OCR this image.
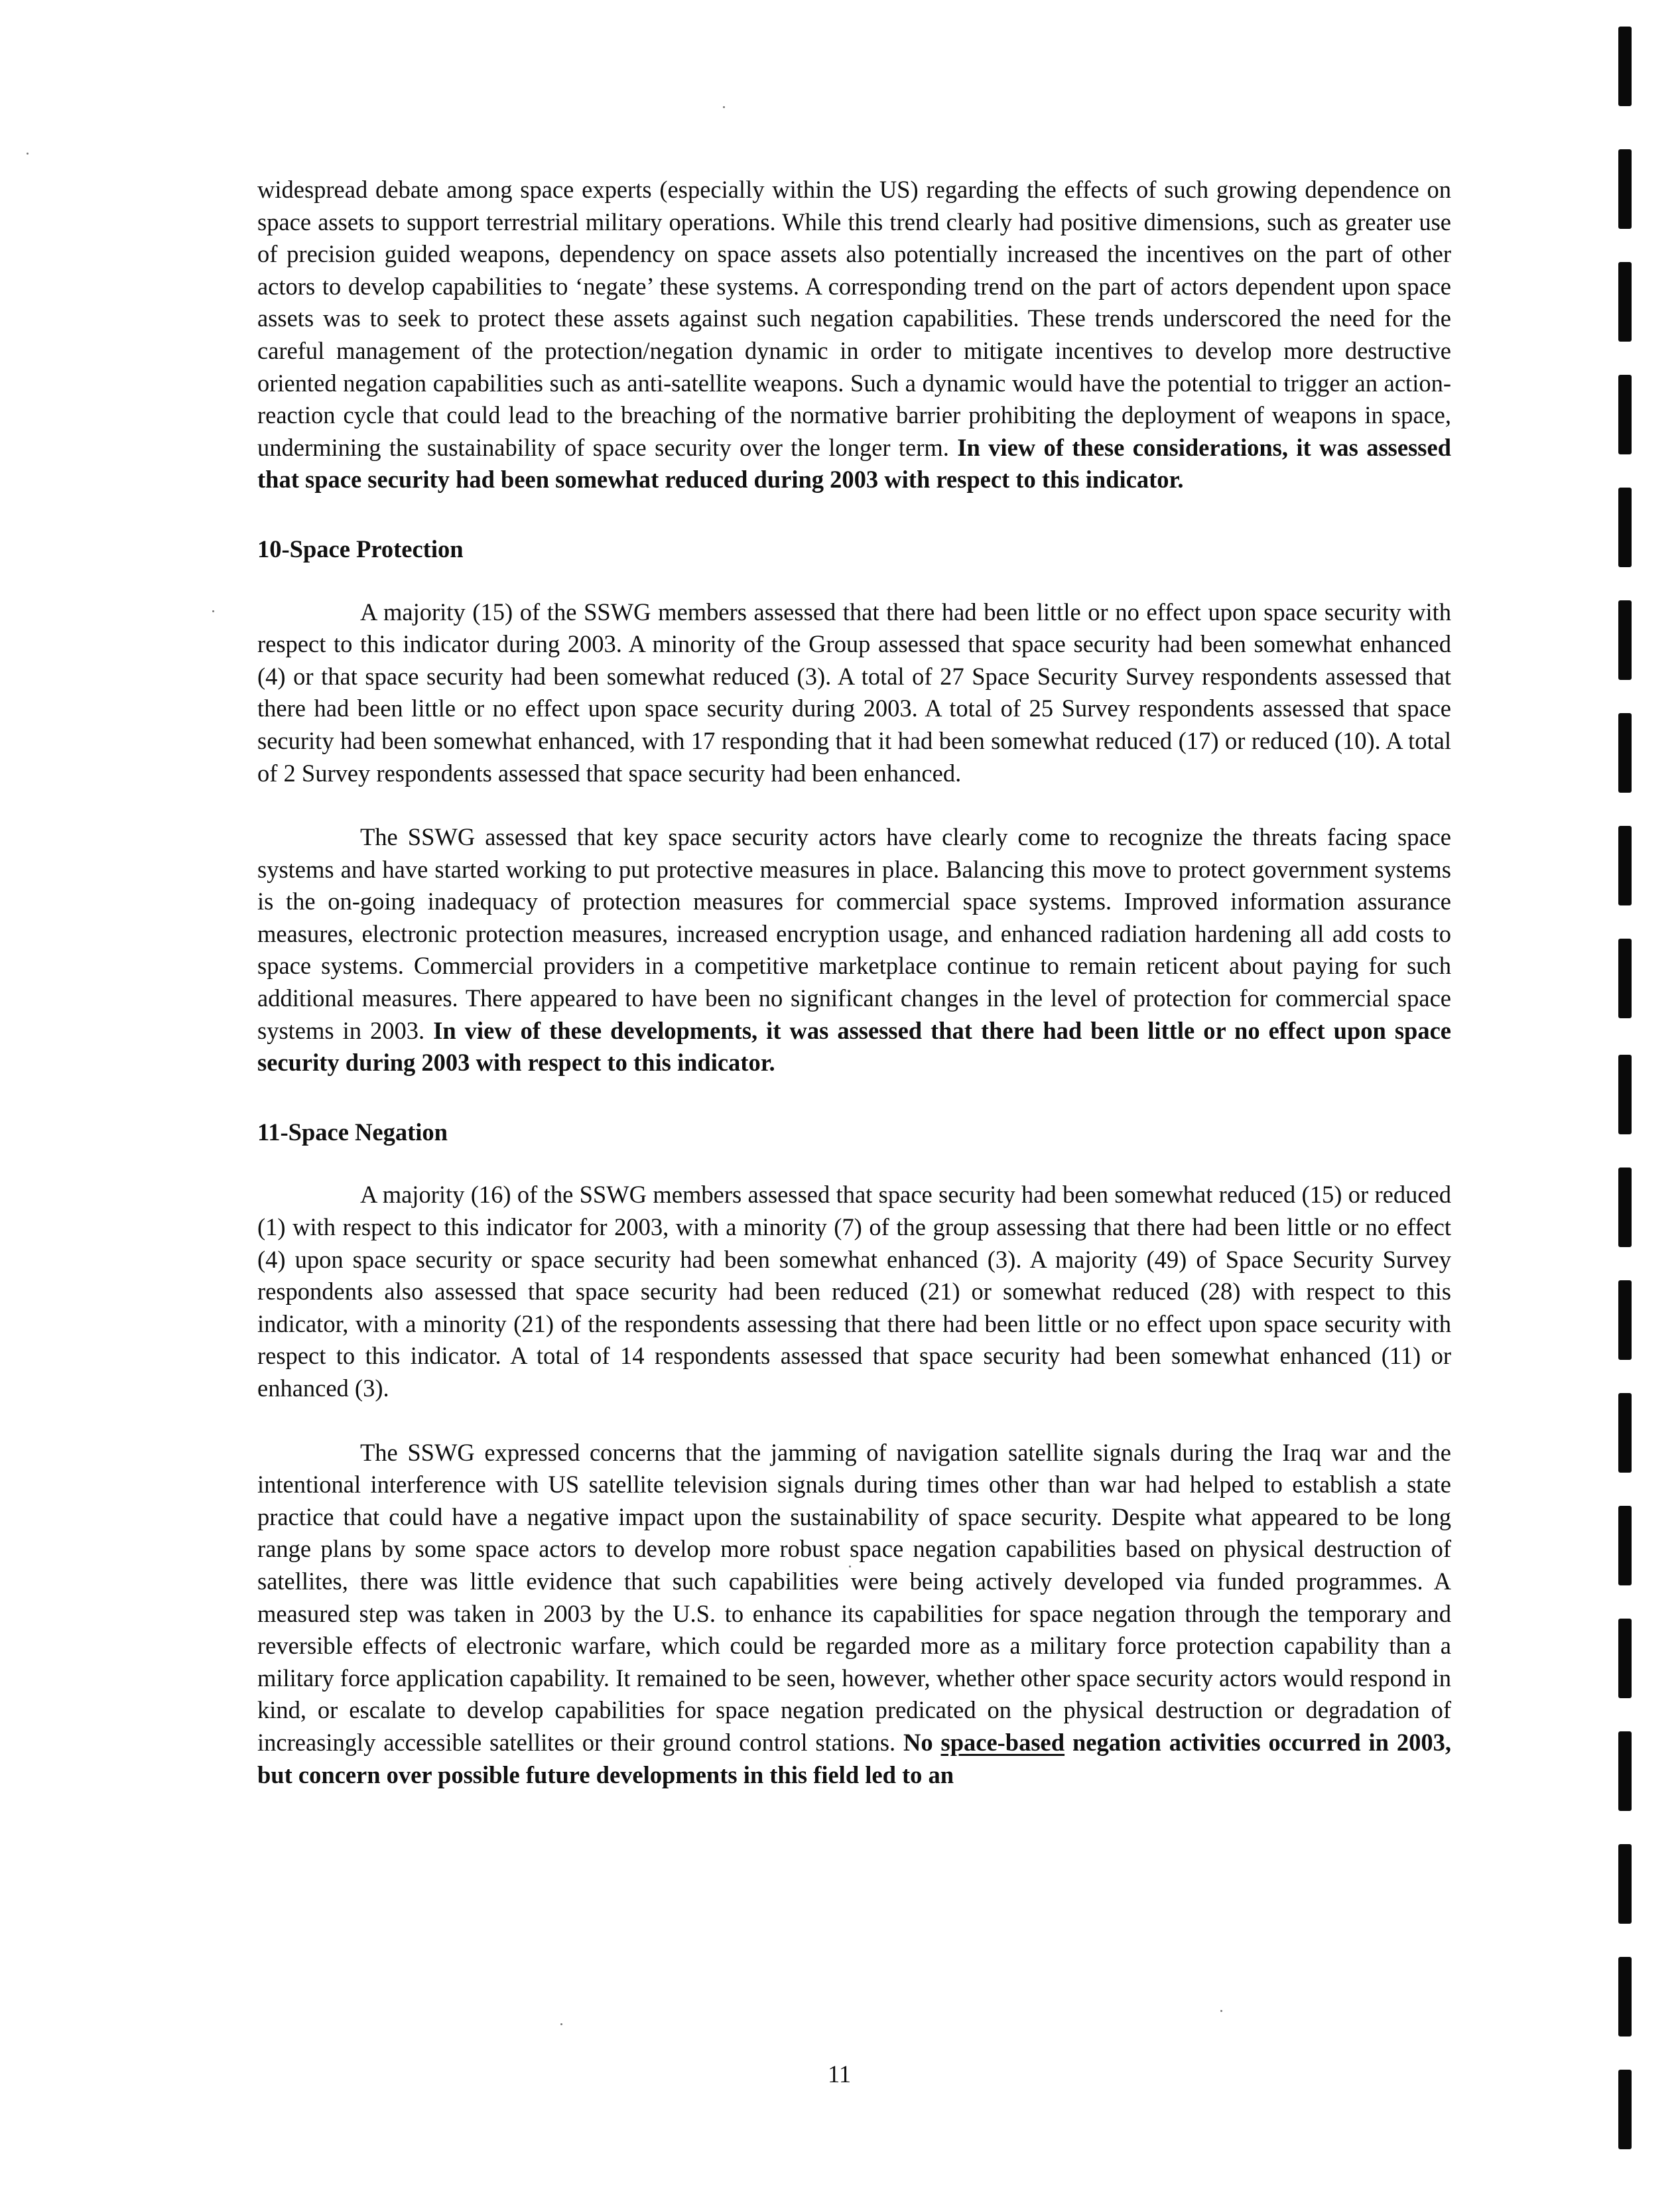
widespread debate among space experts (especially within the US) regarding the effects of such growing dependence on space assets to support terrestrial military operations. While this trend clearly had positive dimensions, such as greater use of precision guided weapons, dependency on space assets also potentially increased the incentives on the part of other actors to develop capabilities to ‘negate’ these systems. A corresponding trend on the part of actors dependent upon space assets was to seek to protect these assets against such negation capabilities. These trends underscored the need for the careful management of the protection/negation dynamic in order to mitigate incentives to develop more destructive oriented negation capabilities such as anti-satellite weapons. Such a dynamic would have the potential to trigger an action-reaction cycle that could lead to the breaching of the normative barrier prohibiting the deployment of weapons in space, undermining the sustainability of space security over the longer term. In view of these considerations, it was assessed that space security had been somewhat reduced during 2003 with respect to this indicator.

10-Space Protection

A majority (15) of the SSWG members assessed that there had been little or no effect upon space security with respect to this indicator during 2003. A minority of the Group assessed that space security had been somewhat enhanced (4) or that space security had been somewhat reduced (3). A total of 27 Space Security Survey respondents assessed that there had been little or no effect upon space security during 2003. A total of 25 Survey respondents assessed that space security had been somewhat enhanced, with 17 responding that it had been somewhat reduced (17) or reduced (10). A total of 2 Survey respondents assessed that space security had been enhanced.

The SSWG assessed that key space security actors have clearly come to recognize the threats facing space systems and have started working to put protective measures in place. Balancing this move to protect government systems is the on-going inadequacy of protection measures for commercial space systems. Improved information assurance measures, electronic protection measures, increased encryption usage, and enhanced radiation hardening all add costs to space systems. Commercial providers in a competitive marketplace continue to remain reticent about paying for such additional measures. There appeared to have been no significant changes in the level of protection for commercial space systems in 2003. In view of these developments, it was assessed that there had been little or no effect upon space security during 2003 with respect to this indicator.

11-Space Negation

A majority (16) of the SSWG members assessed that space security had been somewhat reduced (15) or reduced (1) with respect to this indicator for 2003, with a minority (7) of the group assessing that there had been little or no effect (4) upon space security or space security had been somewhat enhanced (3). A majority (49) of Space Security Survey respondents also assessed that space security had been reduced (21) or somewhat reduced (28) with respect to this indicator, with a minority (21) of the respondents assessing that there had been little or no effect upon space security with respect to this indicator. A total of 14 respondents assessed that space security had been somewhat enhanced (11) or enhanced (3).

The SSWG expressed concerns that the jamming of navigation satellite signals during the Iraq war and the intentional interference with US satellite television signals during times other than war had helped to establish a state practice that could have a negative impact upon the sustainability of space security. Despite what appeared to be long range plans by some space actors to develop more robust space negation capabilities based on physical destruction of satellites, there was little evidence that such capabilities were being actively developed via funded programmes. A measured step was taken in 2003 by the U.S. to enhance its capabilities for space negation through the temporary and reversible effects of electronic warfare, which could be regarded more as a military force protection capability than a military force application capability. It remained to be seen, however, whether other space security actors would respond in kind, or escalate to develop capabilities for space negation predicated on the physical destruction or degradation of increasingly accessible satellites or their ground control stations. No space-based negation activities occurred in 2003, but concern over possible future developments in this field led to an

11
